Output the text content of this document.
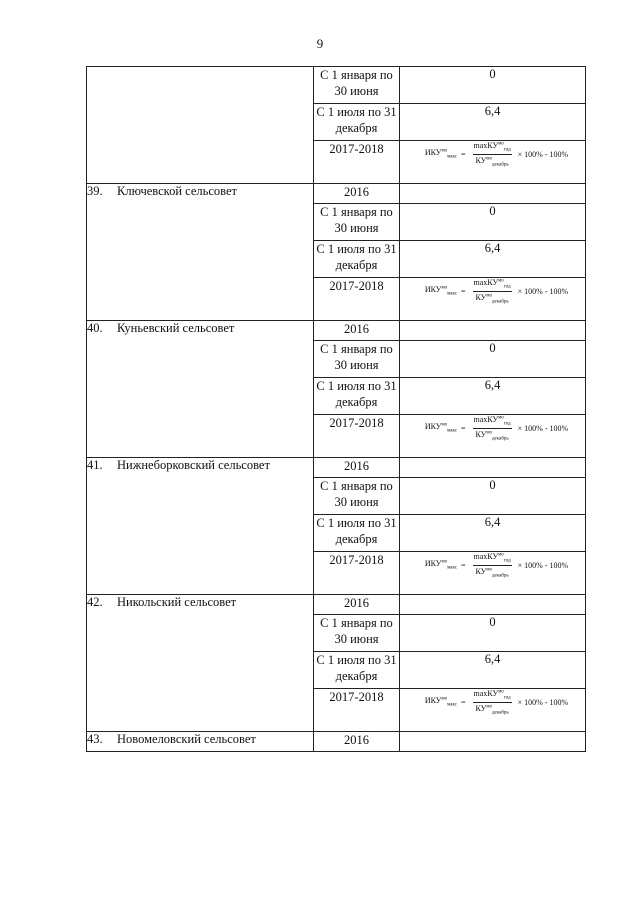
9
	С 1 января по 30 июня	0
	С 1 июля по 31 декабря	6,4
	2017-2018	$ИКУ^{мо}_{макс} = \frac{\max КУ^{мо}_{год}}{КУ^{мо}_{декабрь}} \times 100\% - 100\%$

39. Ключевской сельсовет	2016	
	С 1 января по 30 июня	0
	С 1 июля по 31 декабря	6,4
	2017-2018	$ИКУ^{мо}_{макс} = \frac{\max КУ^{мо}_{год}}{КУ^{мо}_{декабрь}} \times 100\% - 100\%$

40. Куньевский сельсовет	2016	
	С 1 января по 30 июня	0
	С 1 июля по 31 декабря	6,4
	2017-2018	$ИКУ^{мо}_{макс} = \frac{\max КУ^{мо}_{год}}{КУ^{мо}_{декабрь}} \times 100\% - 100\%$

41. Нижнеборковский сельсовет	2016	
	С 1 января по 30 июня	0
	С 1 июля по 31 декабря	6,4
	2017-2018	$ИКУ^{мо}_{макс} = \frac{\max КУ^{мо}_{год}}{КУ^{мо}_{декабрь}} \times 100\% - 100\%$

42. Никольский сельсовет	2016	
	С 1 января по 30 июня	0
	С 1 июля по 31 декабря	6,4
	2017-2018	$ИКУ^{мо}_{макс} = \frac{\max КУ^{мо}_{год}}{КУ^{мо}_{декабрь}} \times 100\% - 100\%$

43. Новомеловский сельсовет	2016	
